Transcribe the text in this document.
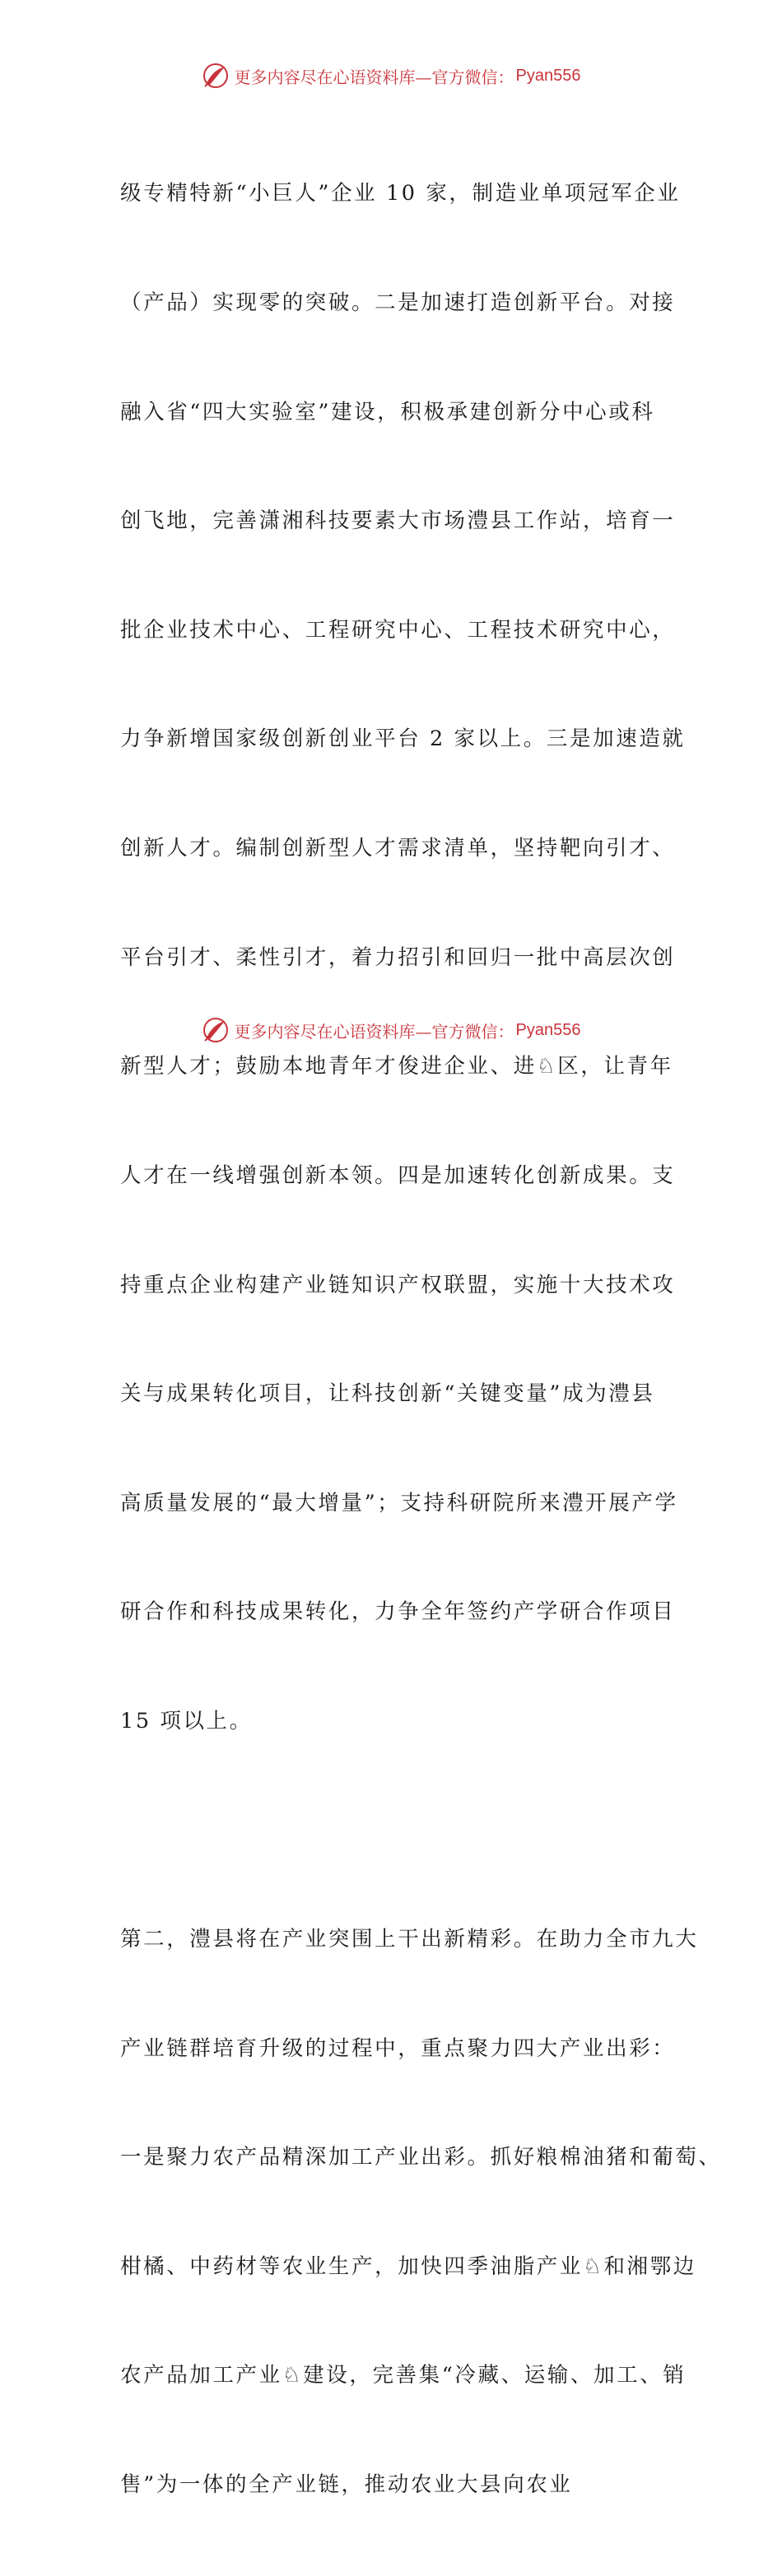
更多内容尽在心语资料库—官方微信： Pyan556

级专精特新“小巨人”企业 10 家，制造业单项冠军企业

（产品）实现零的突破。二是加速打造创新平台。对接

融入省“四大实验室”建设，积极承建创新分中心或科

创飞地，完善潇湘科技要素大市场澧县工作站，培育一

批企业技术中心、工程研究中心、工程技术研究中心，

力争新增国家级创新创业平台 2 家以上。三是加速造就

创新人才。编制创新型人才需求清单，坚持靶向引才、

平台引才、柔性引才，着力招引和回归一批中高层次创

新型人才；鼓励本地青年才俊进企业、进♘区，让青年

人才在一线增强创新本领。四是加速转化创新成果。支

持重点企业构建产业链知识产权联盟，实施十大技术攻

关与成果转化项目，让科技创新“关键变量”成为澧县

高质量发展的“最大增量”；支持科研院所来澧开展产学

研合作和科技成果转化，力争全年签约产学研合作项目

15 项以上。

第二，澧县将在产业突围上干出新精彩。在助力全市九大

产业链群培育升级的过程中，重点聚力四大产业出彩：

一是聚力农产品精深加工产业出彩。抓好粮棉油猪和葡萄、

柑橘、中药材等农业生产，加快四季油脂产业♘和湘鄂边

农产品加工产业♘建设，完善集“冷藏、运输、加工、销

售”为一体的全产业链，推动农业大县向农业

更多内容尽在心语资料库—官方微信： Pyan556
